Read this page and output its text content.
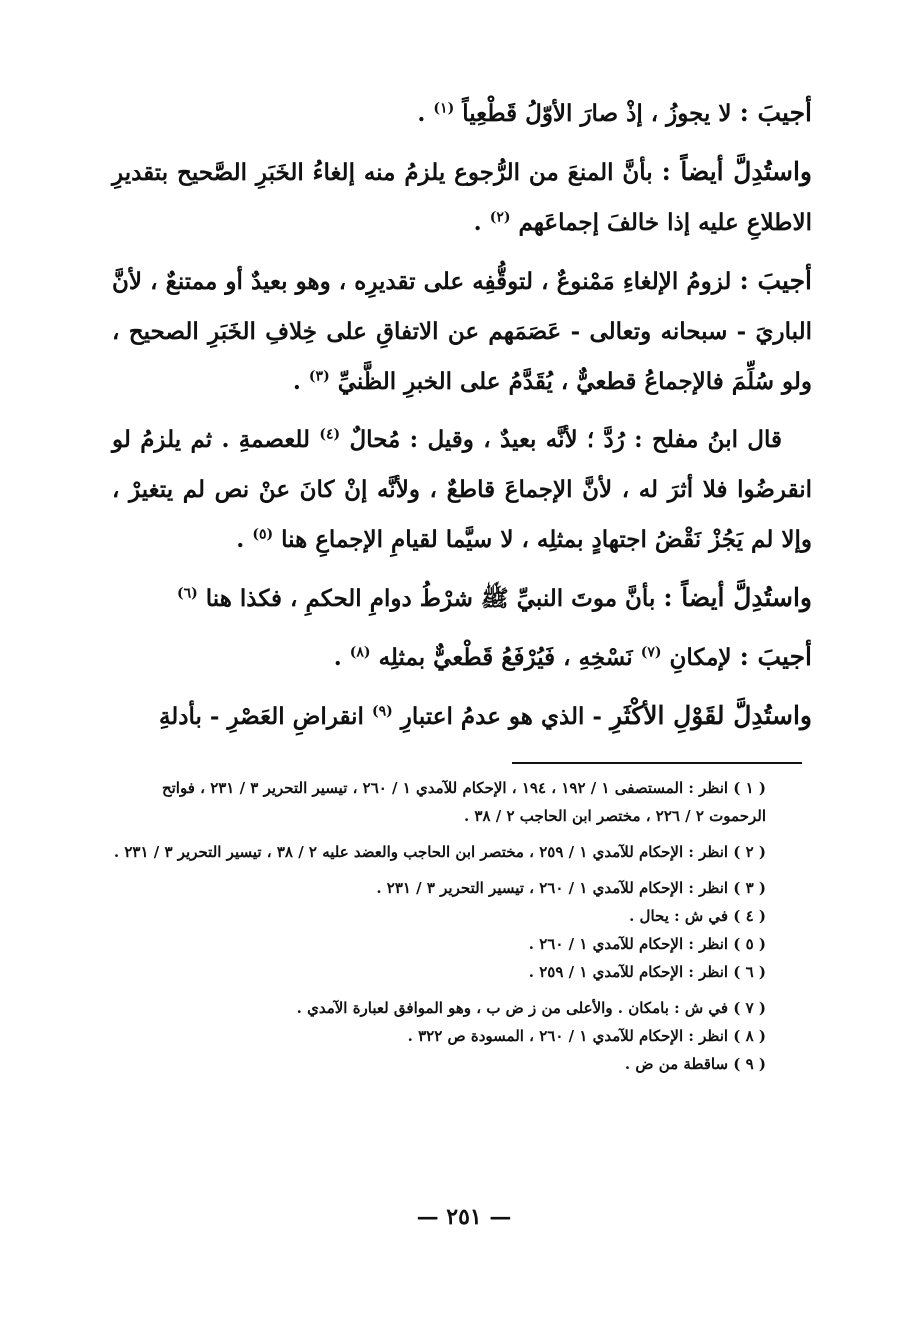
أجيبَ : لا يجوزُ ، إذْ صارَ الأوّلُ قَطْعِياً $^{(١)}$ .

واستُدِلَّ أيضاً : بأنَّ المنعَ من الرُّجوع يلزمُ منه إلغاءُ الخَبَرِ الصَّحيح بتقديرِ الاطلاعِ عليه إذا خالفَ إجماعَهم $^{(٢)}$ .

أجيبَ : لزومُ الإلغاءِ مَمْنوعٌ ، لتوقُّفِه على تقديرِه ، وهو بعيدٌ أو ممتنعٌ ، لأنَّ الباريَ - سبحانه وتعالى - عَصَمَهم عن الاتفاقِ على خِلافِ الخَبَرِ الصحيح ، ولو سُلِّمَ فالإجماعُ قطعيٌّ ، يُقَدَّمُ على الخبرِ الظَّنيِّ $^{(٣)}$ .

قال ابنُ مفلح : رُدَّ ؛ لأنَّه بعيدٌ ، وقيل : مُحالٌ $^{(٤)}$ للعصمةِ . ثم يلزمُ لو انقرضُوا فلا أثرَ له ، لأنَّ الإجماعَ قاطعٌ ، ولأنَّه إنْ كانَ عنْ نص لم يتغيرْ ، وإلا لم يَجُزْ نَقْضُ اجتهادٍ بمثلِه ، لا سيَّما لقيامِ الإجماعِ هنا $^{(٥)}$ .

واستُدِلَّ أيضاً : بأنَّ موتَ النبيِّ ﷺ شرْطُ دوامِ الحكمِ ، فكذا هنا $^{(٦)}$

أجيبَ : لإمكانِ $^{(٧)}$ نَسْخِهِ ، فَيُرْفَعُ قَطْعيٌّ بمثلِه $^{(٨)}$ .

واستُدِلَّ لقَوْلِ الأكْثَرِ - الذي هو عدمُ اعتبارِ $^{(٩)}$ انقراضِ العَصْرِ - بأدلةِ

( ١ ) انظر : المستصفى ١ / ١٩٢ ، ١٩٤ ، الإحكام للآمدي ١ / ٢٦٠ ، تيسير التحرير ٣ / ٢٣١ ، فواتح الرحموت ٢ / ٢٢٦ ، مختصر ابن الحاجب ٢ / ٣٨ .

( ٢ ) انظر : الإحكام للآمدي ١ / ٢٥٩ ، مختصر ابن الحاجب والعضد عليه ٢ / ٣٨ ، تيسير التحرير ٣ / ٢٣١ .

( ٣ ) انظر : الإحكام للآمدي ١ / ٢٦٠ ، تيسير التحرير ٣ / ٢٣١ .

( ٤ ) في ش : يحال .

( ٥ ) انظر : الإحكام للآمدي ١ / ٢٦٠ .

( ٦ ) انظر : الإحكام للآمدي ١ / ٢٥٩ .

( ٧ ) في ش : بامكان . والأعلى من ز ض ب ، وهو الموافق لعبارة الآمدي .

( ٨ ) انظر : الإحكام للآمدي ١ / ٢٦٠ ، المسودة ص ٣٢٢ .

( ٩ ) ساقطة من ض .

— ٢٥١ —
